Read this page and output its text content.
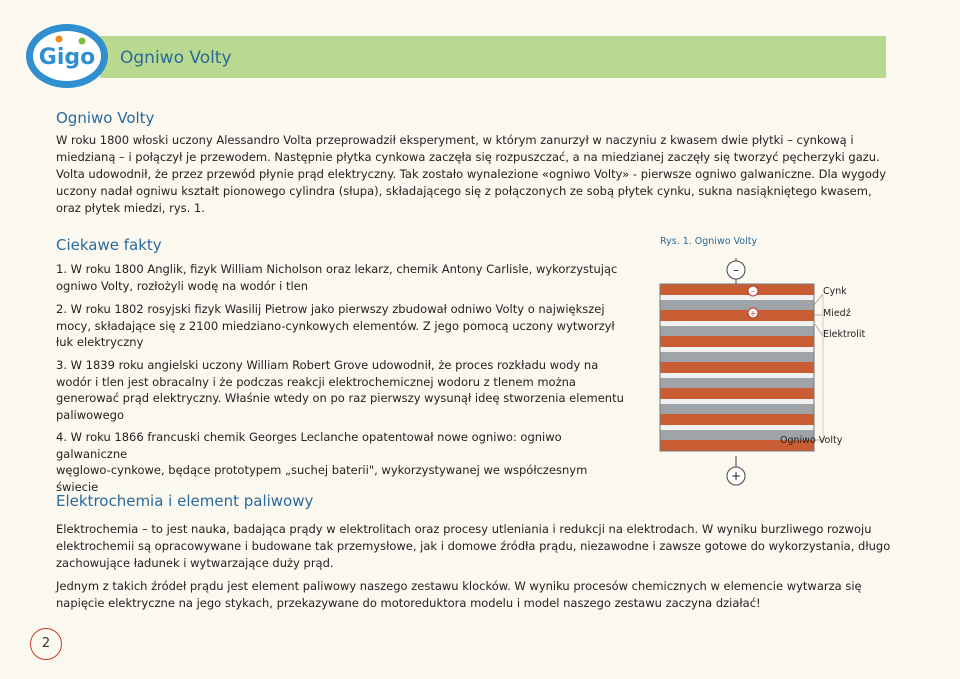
Gigo Ogniwo Volty
Ogniwo Volty

W roku 1800 włoski uczony Alessandro Volta przeprowadził eksperyment, w którym zanurzył w naczyniu z kwasem dwie płytki – cynkową i

miedzianą – i połączył je przewodem. Następnie płytka cynkowa zaczęła się rozpuszczać, a na miedzianej zaczęły się tworzyć pęcherzyki gazu.

Volta udowodnił, że przez przewód płynie prąd elektryczny. Tak zostało wynalezione «ogniwo Volty» - pierwsze ogniwo galwaniczne. Dla wygody

uczony nadał ogniwu kształt pionowego cylindra (słupa), składającego się z połączonych ze sobą płytek cynku, sukna nasiąkniętego kwasem,

oraz płytek miedzi, rys. 1.

Ciekawe fakty
1. W roku 1800 Anglik, fizyk William Nicholson oraz lekarz, chemik Antony Carlisle, wykorzystując
ogniwo Volty, rozłożyli wodę na wodór i tlen
2. W roku 1802 rosyjski fizyk Wasilij Pietrow jako pierwszy zbudował odniwo Volty o największej
mocy, składające się z 2100 miedziano-cynkowych elementów. Z jego pomocą uczony wytworzył
łuk elektryczny
3. W 1839 roku angielski uczony William Robert Grove udowodnił, że proces rozkładu wody na
wodór i tlen jest obracalny i że podczas reakcji elektrochemicznej wodoru z tlenem można
generować prąd elektryczny. Właśnie wtedy on po raz pierwszy wysunął ideę stworzenia elementu
paliwowego
4. W roku 1866 francuski chemik Georges Leclanche opatentował nowe ogniwo: ogniwo galwaniczne
węglowo-cynkowe, będące prototypem „suchej baterii", wykorzystywanej we współczesnym świecie
Rys. 1. Ogniwo Volty
–
+
–
+
Cynk
Miedź
Elektrolit
Ogniwo Volty
Elektrochemia i element paliwowy

Elektrochemia – to jest nauka, badająca prądy w elektrolitach oraz procesy utleniania i redukcji na elektrodach. W wyniku burzliwego rozwoju

elektrochemii są opracowywane i budowane tak przemysłowe, jak i domowe źródła prądu, niezawodne i zawsze gotowe do wykorzystania, długo

zachowujące ładunek i wytwarzające duży prąd.

Jednym z takich źródeł prądu jest element paliwowy naszego zestawu klocków. W wyniku procesów chemicznych w elemencie wytwarza się

napięcie elektryczne na jego stykach, przekazywane do motoreduktora modelu i model naszego zestawu zaczyna działać!

2
